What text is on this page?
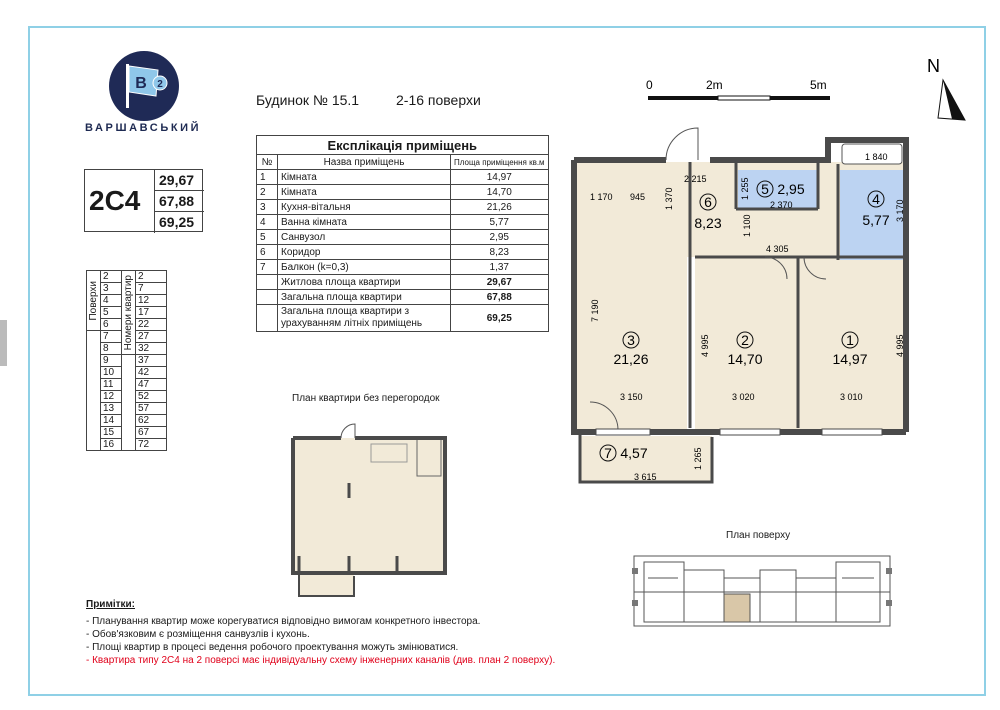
B 2
ВАРШАВСЬКИЙ
Будинок № 15.1	2-16 поверхи
2С4
29,67
67,88
69,25
Експлікація приміщень		
№	Назва приміщень	Площа приміщення кв.м
1	Кімната	14,97
2	Кімната	14,70
3	Кухня-вітальня	21,26
4	Ванна кімната	5,77
5	Санвузол	2,95
6	Коридор	8,23
7	Балкон (k=0,3)	1,37
	Житлова площа квартири	29,67
	Загальна площа квартири	67,88
	Загальна площа квартири з урахуванням літніх приміщень	69,25
Поверхи	2	Номери квартир	2
	3		7
	4		12
	5		17
	6		22
	7		27
	8		32
	9		37
	10		42
	11		47
	12		52
	13		57
	14		62
	15		67
	16		72
0	2m	5m
N
1
14,97
2
14,70
3
21,26
4
5,77
5 2,95
6
8,23
7 4,57
1 170 945 1 370
2 215	1 255
2 370
1 840
3 170
1 100
4 305
7 190
4 995	4 995
3 150	3 020	3 010
1 265
3 615
План квартири без перегородок
План поверху
Примітки:
- Планування квартир може корегуватися відповідно вимогам конкретного інвестора.
- Обов'язковим є розміщення санвузлів і кухонь.
- Площі квартир в процесі ведення робочого проектування можуть змінюватися.
- Квартира типу 2С4 на 2 поверсі має індивідуальну схему інженерних каналів (див. план 2 поверху).
